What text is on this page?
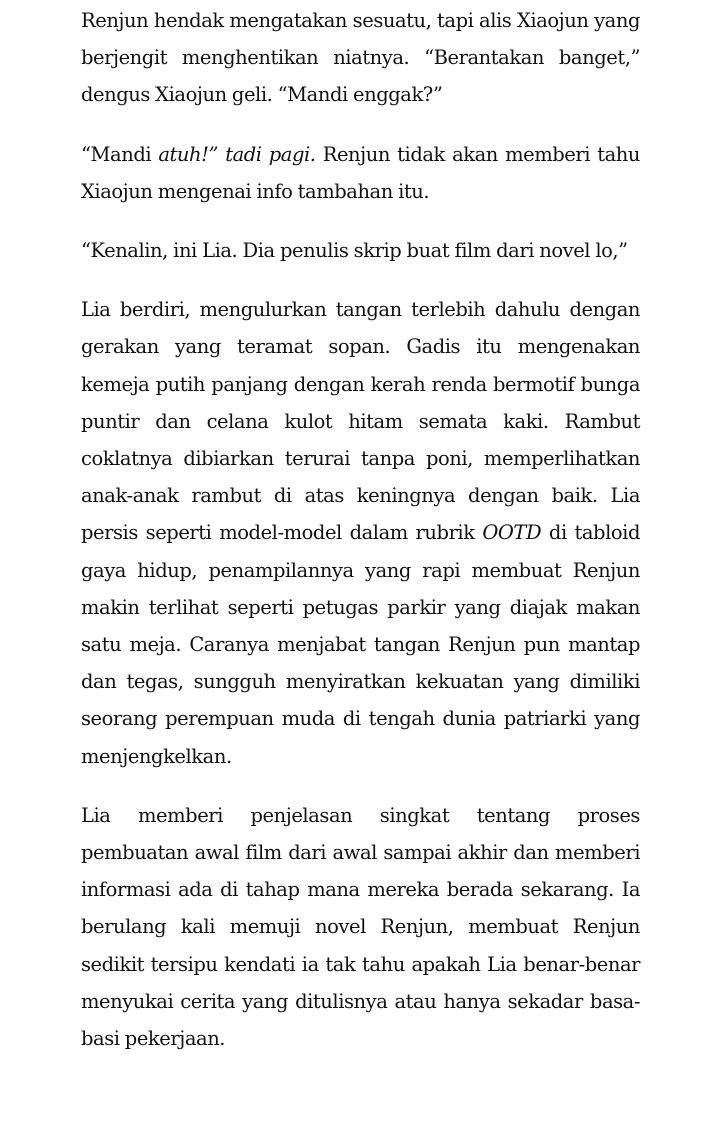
Renjun hendak mengatakan sesuatu, tapi alis Xiaojun yang berjengit menghentikan niatnya. “Berantakan banget,” dengus Xiaojun geli. “Mandi enggak?”

“Mandi atuh!” tadi pagi. Renjun tidak akan memberi tahu Xiaojun mengenai info tambahan itu.

“Kenalin, ini Lia. Dia penulis skrip buat film dari novel lo,”

Lia berdiri, mengulurkan tangan terlebih dahulu dengan gerakan yang teramat sopan. Gadis itu mengenakan kemeja putih panjang dengan kerah renda bermotif bunga puntir dan celana kulot hitam semata kaki. Rambut coklatnya dibiarkan terurai tanpa poni, memperlihatkan anak-anak rambut di atas keningnya dengan baik. Lia persis seperti model-model dalam rubrik OOTD di tabloid gaya hidup, penampilannya yang rapi membuat Renjun makin terlihat seperti petugas parkir yang diajak makan satu meja. Caranya menjabat tangan Renjun pun mantap dan tegas, sungguh menyiratkan kekuatan yang dimiliki seorang perempuan muda di tengah dunia patriarki yang menjengkelkan.

Lia memberi penjelasan singkat tentang proses pembuatan awal film dari awal sampai akhir dan memberi informasi ada di tahap mana mereka berada sekarang. Ia berulang kali memuji novel Renjun, membuat Renjun sedikit tersipu kendati ia tak tahu apakah Lia benar-benar menyukai cerita yang ditulisnya atau hanya sekadar basa-basi pekerjaan.
